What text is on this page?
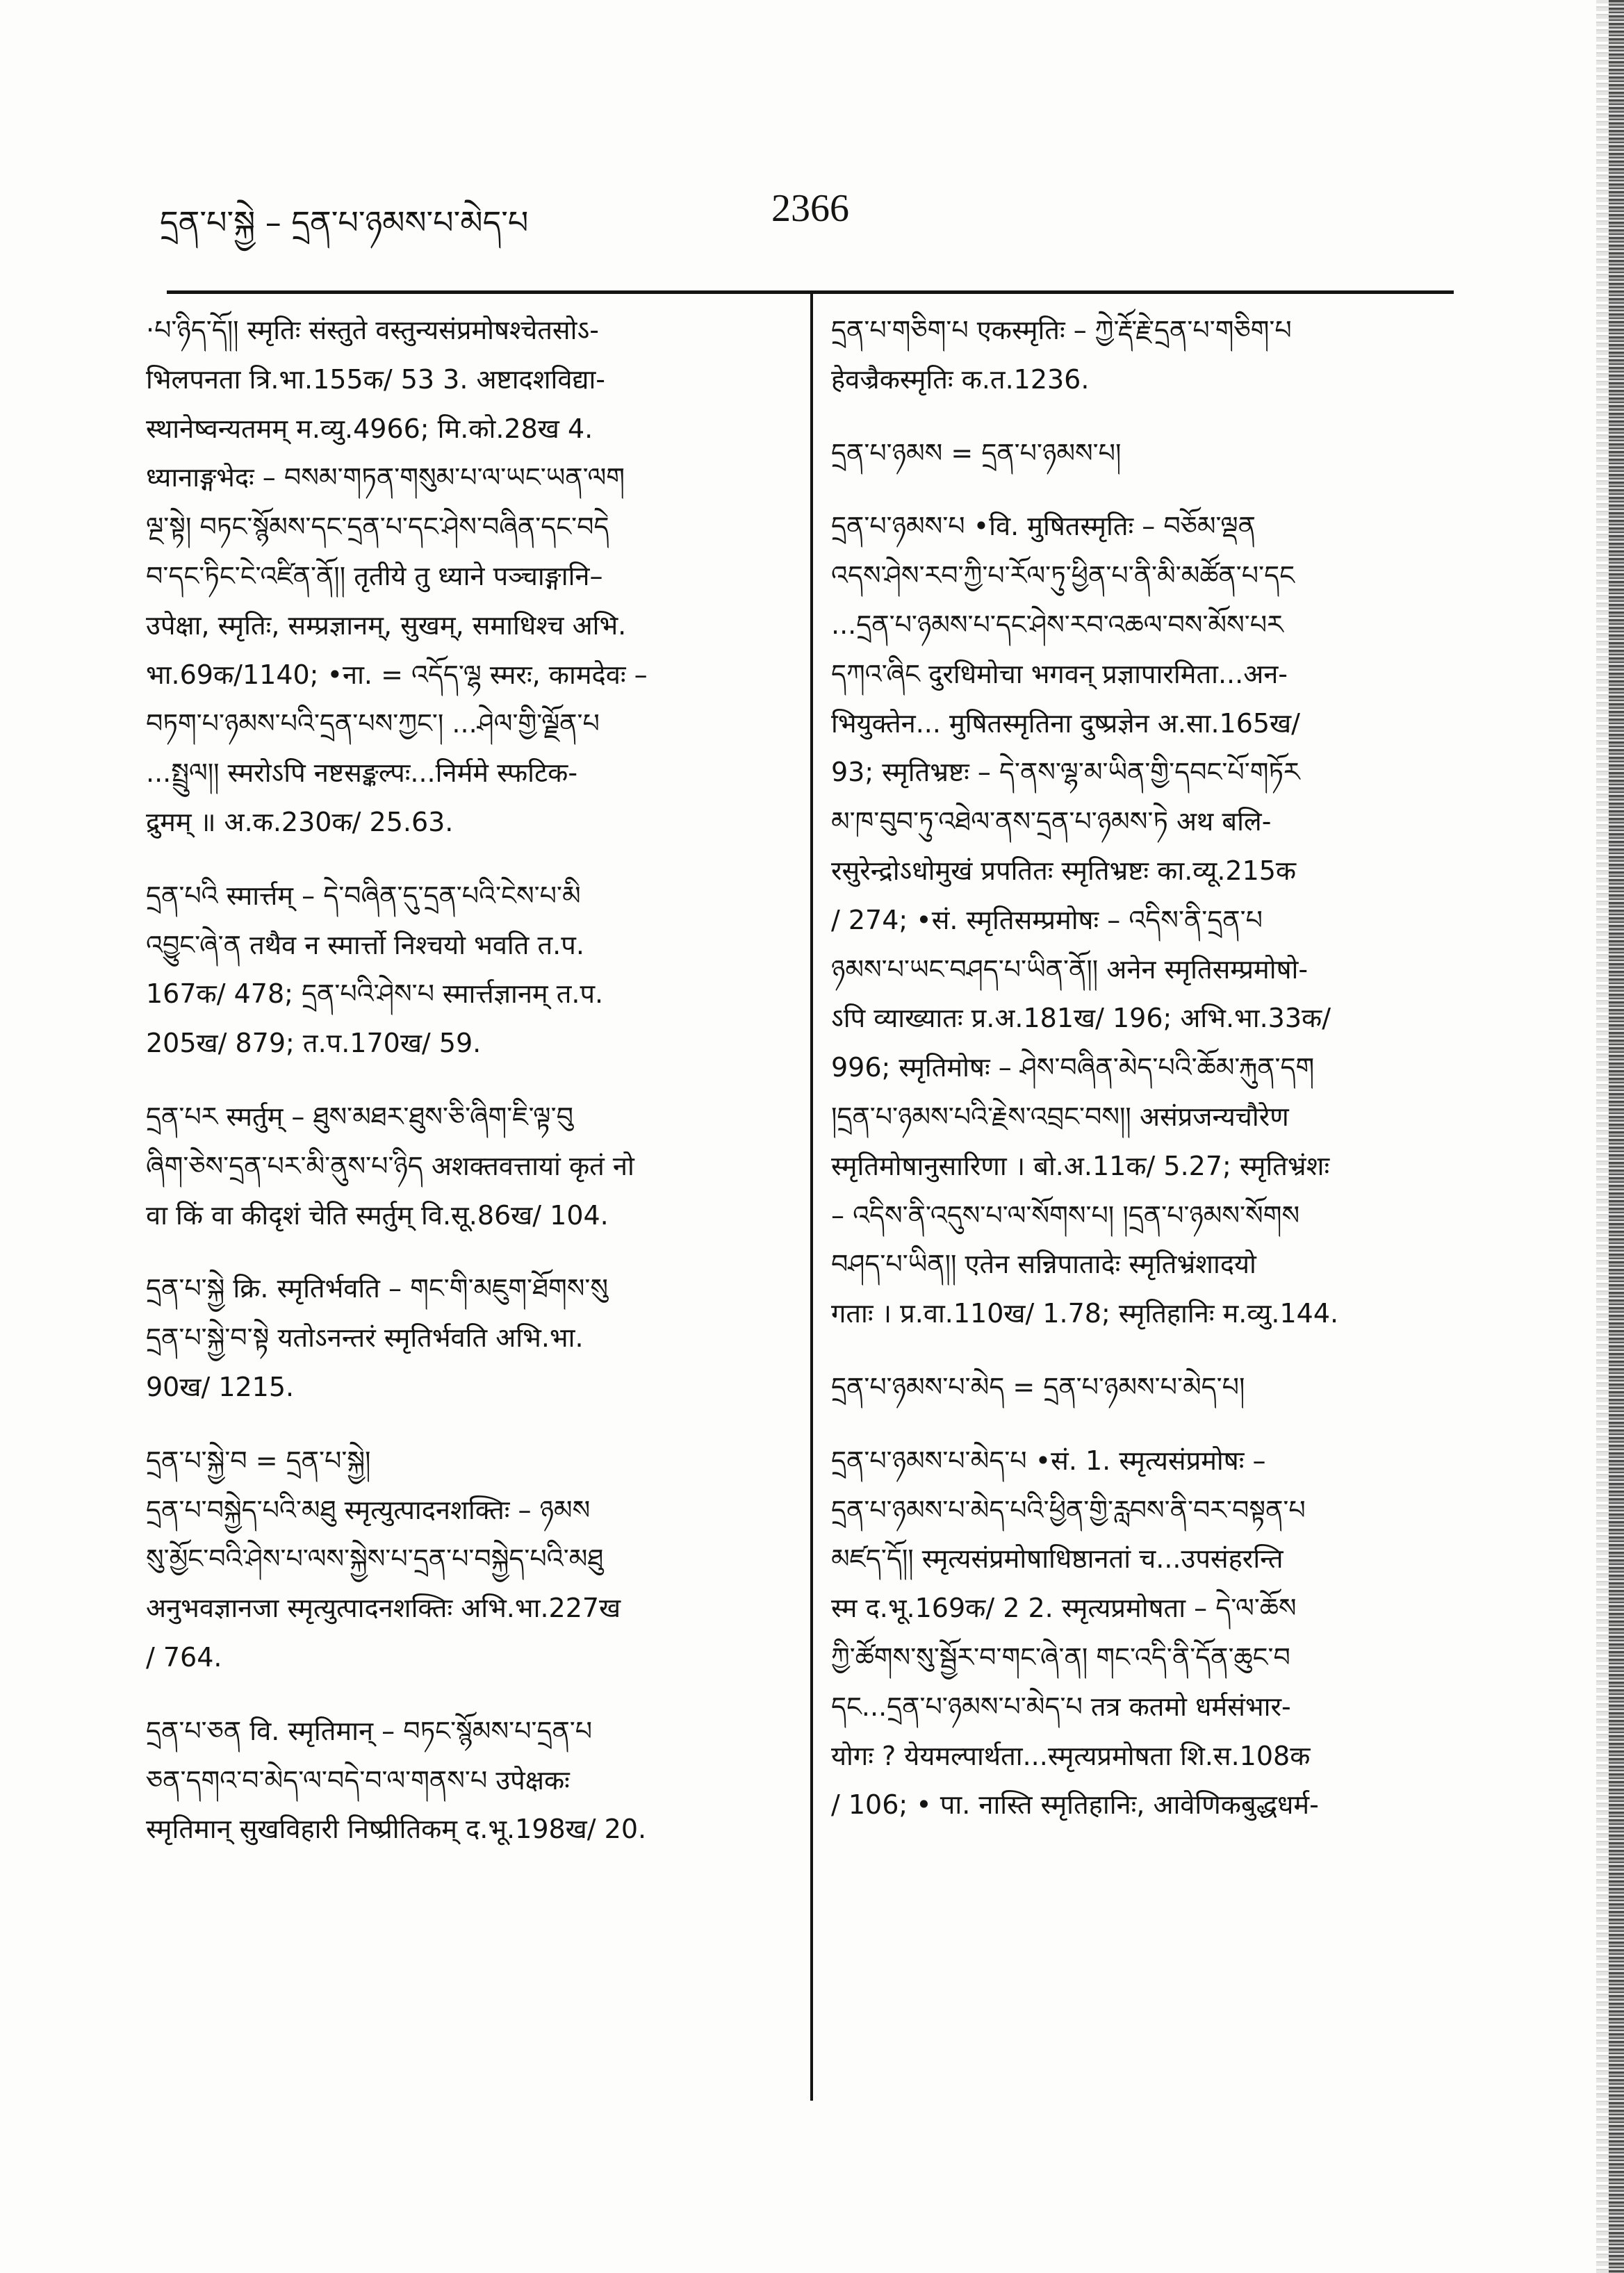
དྲན་པ་སྐྱེ – དྲན་པ་ཉམས་པ་མེད་པ	2366
·པ་ཉིད་དོ།། स्मृतिः संस्तुते वस्तुन्यसंप्रमोषश्चेतसोऽ-
भिलपनता त्रि.भा.155क/ 53 3. अष्टादशविद्या-
स्थानेष्वन्यतमम् म.व्यु.4966; मि.को.28ख 4.
ध्यानाङ्गभेदः – བསམ་གཏན་གསུམ་པ་ལ་ཡང་ཡན་ལག
ལྔ་སྟེ། བཏང་སྙོམས་དང་དྲན་པ་དང་ཤེས་བཞིན་དང་བདེ
བ་དང་ཏིང་ངེ་འཛིན་ནོ།། तृतीये तु ध्याने पञ्चाङ्गानि–
उपेक्षा, स्मृतिः, सम्प्रज्ञानम्, सुखम्, समाधिश्च अभि.
भा.69क/1140; •ना. = འདོད་ལྷ स्मरः, कामदेवः –
བཏག་པ་ཉམས་པའི་དྲན་པས་ཀྱང་། ...ཤེལ་གྱི་ལྗོན་པ
...སྤྲུལ།། स्मरोऽपि नष्टसङ्कल्पः...निर्ममे स्फटिक-
द्रुमम् ॥ अ.क.230क/ 25.63.
དྲན་པའི स्मार्त्तम् – དེ་བཞིན་དུ་དྲན་པའི་ངེས་པ་མི
འབྱུང་ཞེ་ན तथैव न स्मार्त्तो निश्चयो भवति त.प.
167क/ 478; དྲན་པའི་ཤེས་པ स्मार्त्तज्ञानम् त.प.
205ख/ 879; त.प.170ख/ 59.
དྲན་པར स्मर्तुम् – ཐུས་མཐར་ཐུས་ཅི་ཞིག་ཇི་ལྟ་བུ
ཞིག་ཅེས་དྲན་པར་མི་ནུས་པ་ཉིད अशक्तवत्तायां कृतं नो
वा किं वा कीदृशं चेति स्मर्तुम् वि.सू.86ख/ 104.
དྲན་པ་སྐྱེ क्रि. स्मृतिर्भवति – གང་གི་མཇུག་ཐོགས་སུ
དྲན་པ་སྐྱེ་བ་སྟེ यतोऽनन्तरं स्मृतिर्भवति अभि.भा.
90ख/ 1215.
དྲན་པ་སྐྱེ་བ = དྲན་པ་སྐྱེ།
དྲན་པ་བསྐྱེད་པའི་མཐུ स्मृत्युत्पादनशक्तिः – ཉམས
སུ་མྱོང་བའི་ཤེས་པ་ལས་སྐྱེས་པ་དྲན་པ་བསྐྱེད་པའི་མཐུ
अनुभवज्ञानजा स्मृत्युत्पादनशक्तिः अभि.भा.227ख
/ 764.
དྲན་པ་ཅན वि. स्मृतिमान् – བཏང་སྙོམས་པ་དྲན་པ
ཅན་དགའ་བ་མེད་ལ་བདེ་བ་ལ་གནས་པ उपेक्षकः
स्मृतिमान् सुखविहारी निष्प्रीतिकम् द.भू.198ख/ 20.
དྲན་པ་གཅིག་པ एकस्मृतिः – ཀྱེ་རྡོ་རྗེ་དྲན་པ་གཅིག་པ
हेवज्रैकस्मृतिः क.त.1236.
དྲན་པ་ཉམས = དྲན་པ་ཉམས་པ།
དྲན་པ་ཉམས་པ •वि. मुषितस्मृतिः – བཅོམ་ལྡན
འདས་ཤེས་རབ་ཀྱི་པ་རོལ་ཏུ་ཕྱིན་པ་ནི་མི་མཚོན་པ་དང
...དྲན་པ་ཉམས་པ་དང་ཤེས་རབ་འཆལ་བས་མོས་པར
དཀའ་ཞིང दुरधिमोचा भगवन् प्रज्ञापारमिता...अन-
भियुक्तेन... मुषितस्मृतिना दुष्प्रज्ञेन अ.सा.165ख/
93; स्मृतिभ्रष्टः – དེ་ནས་ལྷ་མ་ཡིན་གྱི་དབང་པོ་གཏོར
མ་ཁ་བུབ་ཏུ་འཐེལ་ནས་དྲན་པ་ཉམས་ཏེ अथ बलि-
रसुरेन्द्रोऽधोमुखं प्रपतितः स्मृतिभ्रष्टः का.व्यू.215क
/ 274; •सं. स्मृतिसम्प्रमोषः – འདིས་ནི་དྲན་པ
ཉམས་པ་ཡང་བཤད་པ་ཡིན་ནོ།། अनेन स्मृतिसम्प्रमोषो-
ऽपि व्याख्यातः प्र.अ.181ख/ 196; अभि.भा.33क/
996; स्मृतिमोषः – ཤེས་བཞིན་མེད་པའི་ཆོམ་རྐུན་དག
།དྲན་པ་ཉམས་པའི་རྗེས་འབྲང་བས།། असंप्रजन्यचौरेण
स्मृतिमोषानुसारिणा । बो.अ.11क/ 5.27; स्मृतिभ्रंशः
– འདིས་ནི་འདུས་པ་ལ་སོགས་པ། །དྲན་པ་ཉམས་སོགས
བཤད་པ་ཡིན།། एतेन सन्निपातादेः स्मृतिभ्रंशादयो
गताः । प्र.वा.110ख/ 1.78; स्मृतिहानिः म.व्यु.144.
དྲན་པ་ཉམས་པ་མེད = དྲན་པ་ཉམས་པ་མེད་པ།
དྲན་པ་ཉམས་པ་མེད་པ •सं. 1. स्मृत्यसंप्रमोषः –
དྲན་པ་ཉམས་པ་མེད་པའི་ཕྱིན་གྱི་རླབས་ནི་བར་བསྟན་པ
མཛད་དོ།། स्मृत्यसंप्रमोषाधिष्ठानतां च...उपसंहरन्ति
स्म द.भू.169क/ 2 2. स्मृत्यप्रमोषता – དེ་ལ་ཆོས
ཀྱི་ཚོགས་སུ་སྦྱོར་བ་གང་ཞེ་ན། གང་འདི་ནི་དོན་ཆུང་བ
དང...དྲན་པ་ཉམས་པ་མེད་པ तत्र कतमो धर्मसंभार-
योगः ? येयमल्पार्थता...स्मृत्यप्रमोषता शि.स.108क
/ 106; • पा. नास्ति स्मृतिहानिः, आवेणिकबुद्धधर्म-
